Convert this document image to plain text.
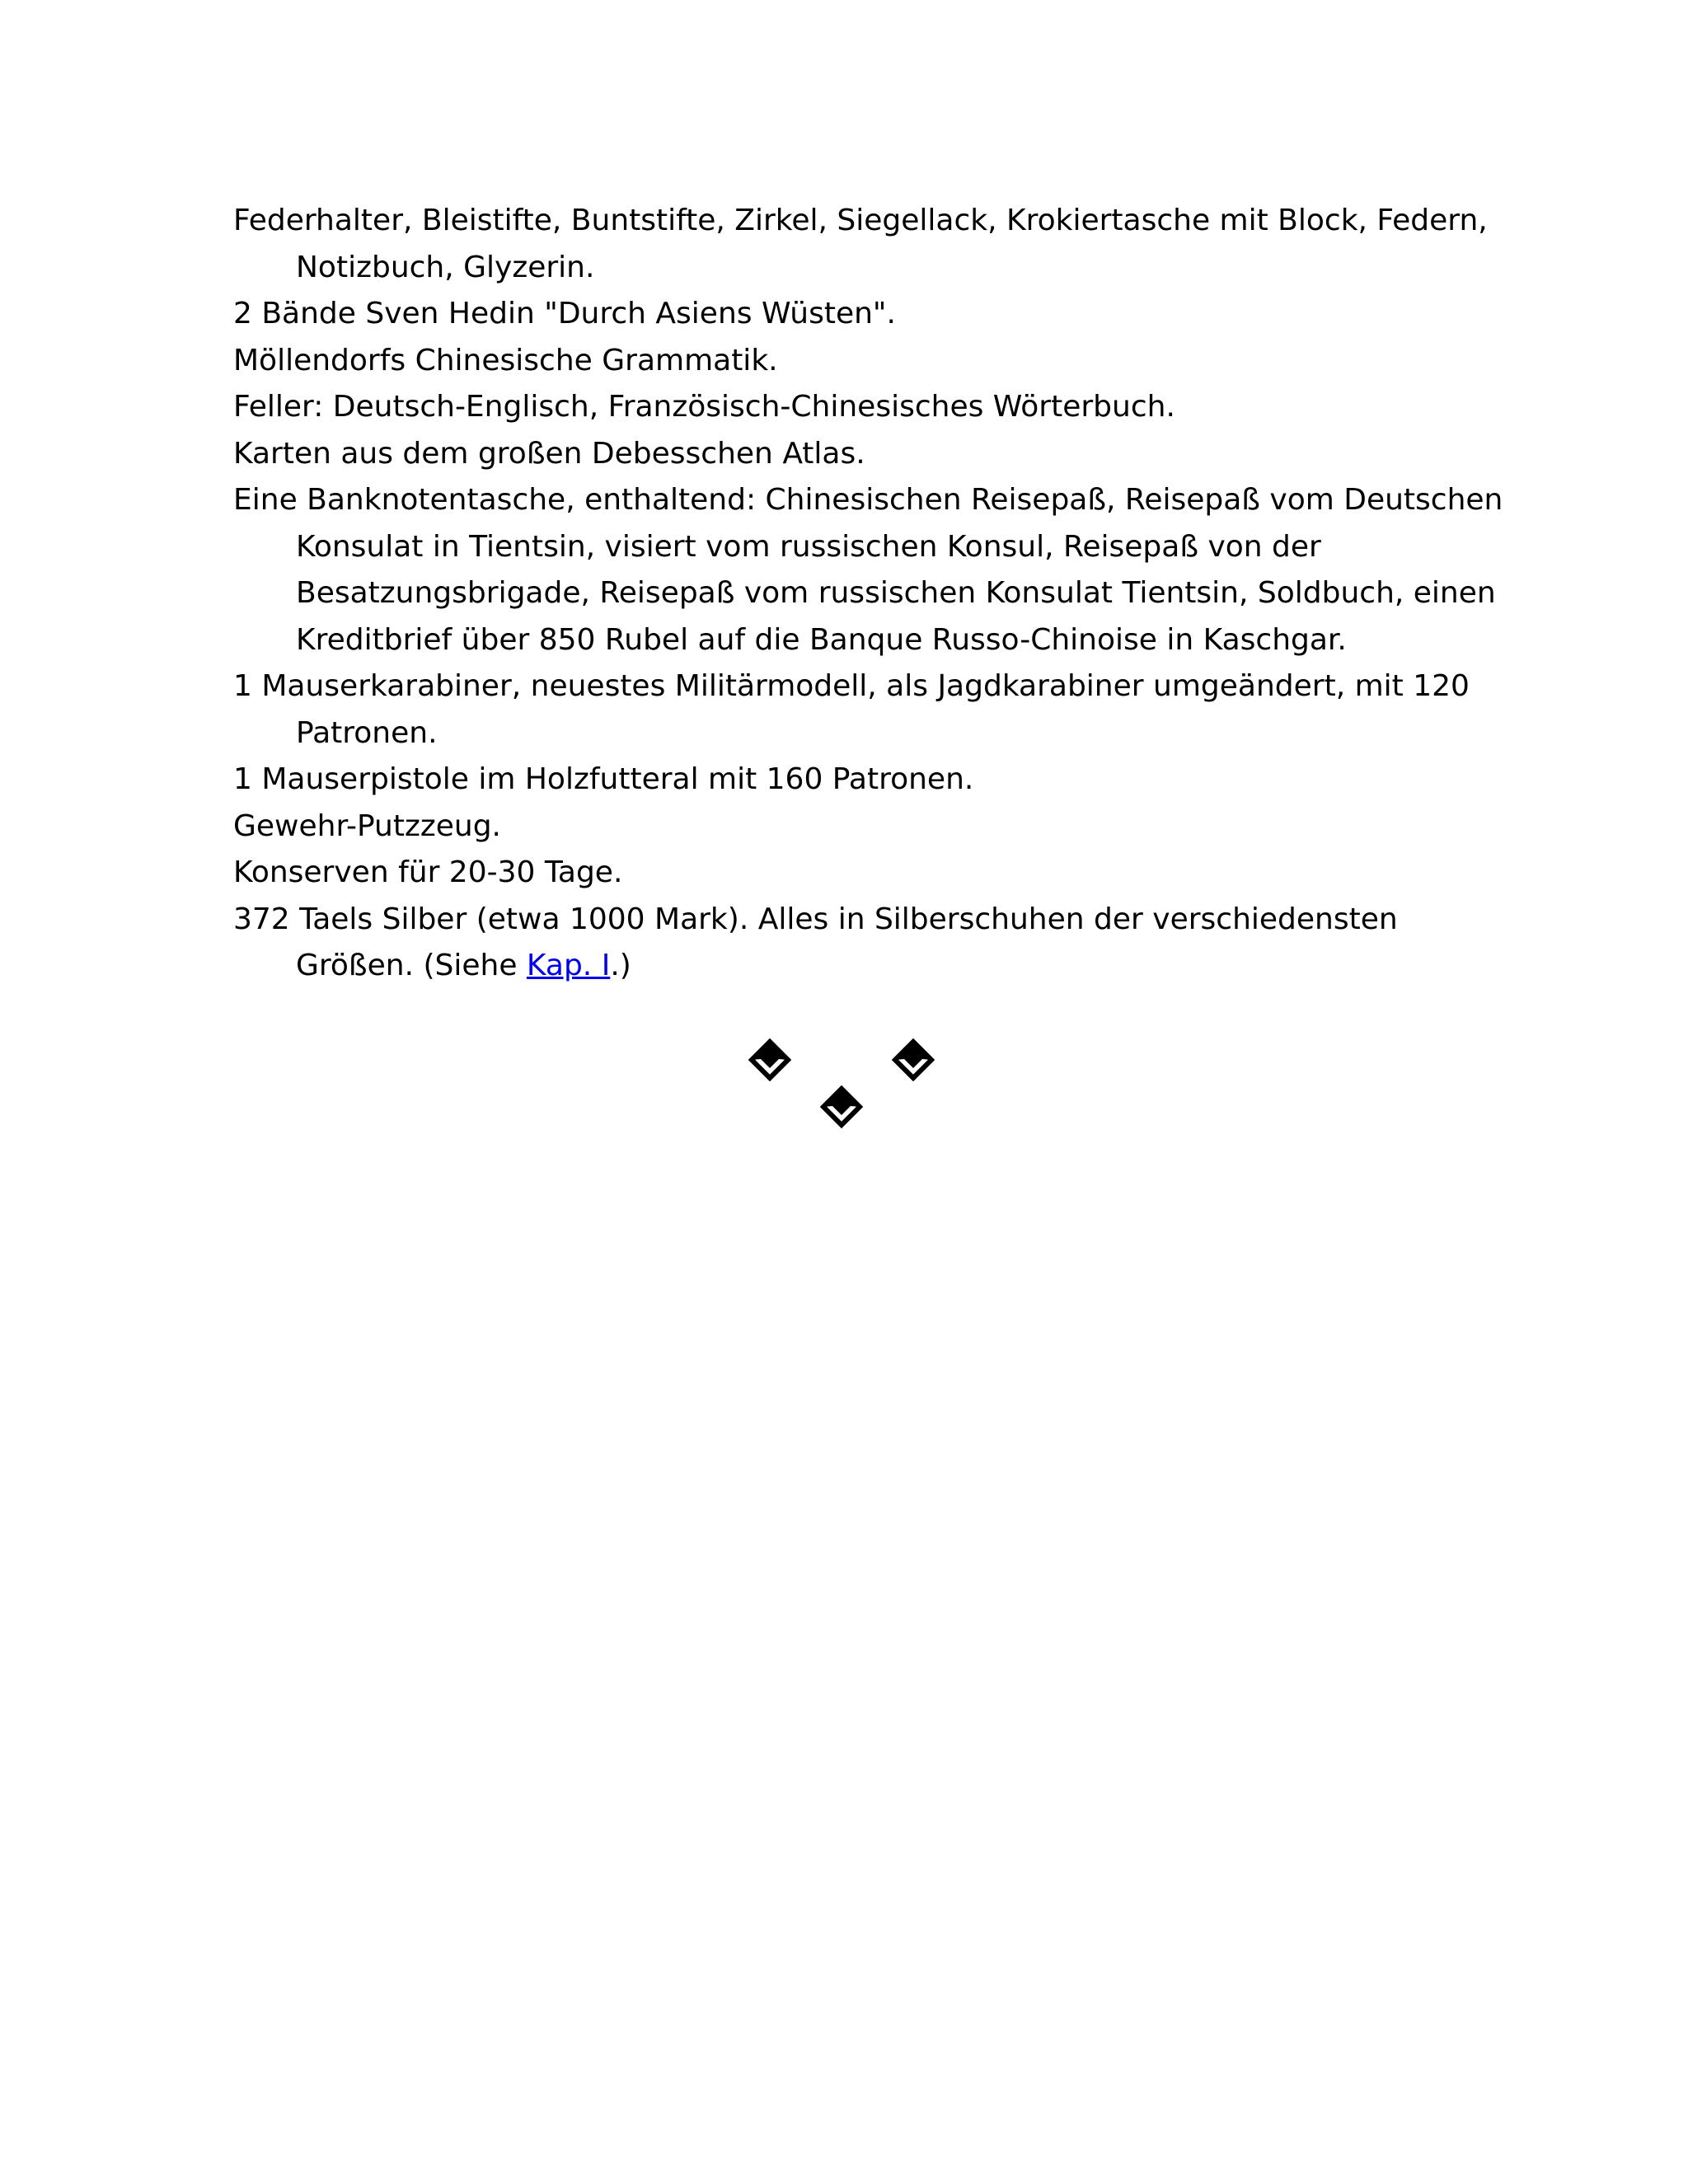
Federhalter, Bleistifte, Buntstifte, Zirkel, Siegellack, Krokiertasche mit Block, Federn, Notizbuch, Glyzerin.

2 Bände Sven Hedin "Durch Asiens Wüsten".

Möllendorfs Chinesische Grammatik.

Feller: Deutsch-Englisch, Französisch-Chinesisches Wörterbuch.

Karten aus dem großen Debesschen Atlas.

Eine Banknotentasche, enthaltend: Chinesischen Reisepaß, Reisepaß vom Deutschen Konsulat in Tientsin, visiert vom russischen Konsul, Reisepaß von der Besatzungsbrigade, Reisepaß vom russischen Konsulat Tientsin, Soldbuch, einen Kreditbrief über 850 Rubel auf die Banque Russo-Chinoise in Kaschgar.

1 Mauserkarabiner, neuestes Militärmodell, als Jagdkarabiner umgeändert, mit 120 Patronen.

1 Mauserpistole im Holzfutteral mit 160 Patronen.

Gewehr-Putzzeug.

Konserven für 20-30 Tage.

372 Taels Silber (etwa 1000 Mark). Alles in Silberschuhen der verschiedensten Größen. (Siehe Kap. I.)
